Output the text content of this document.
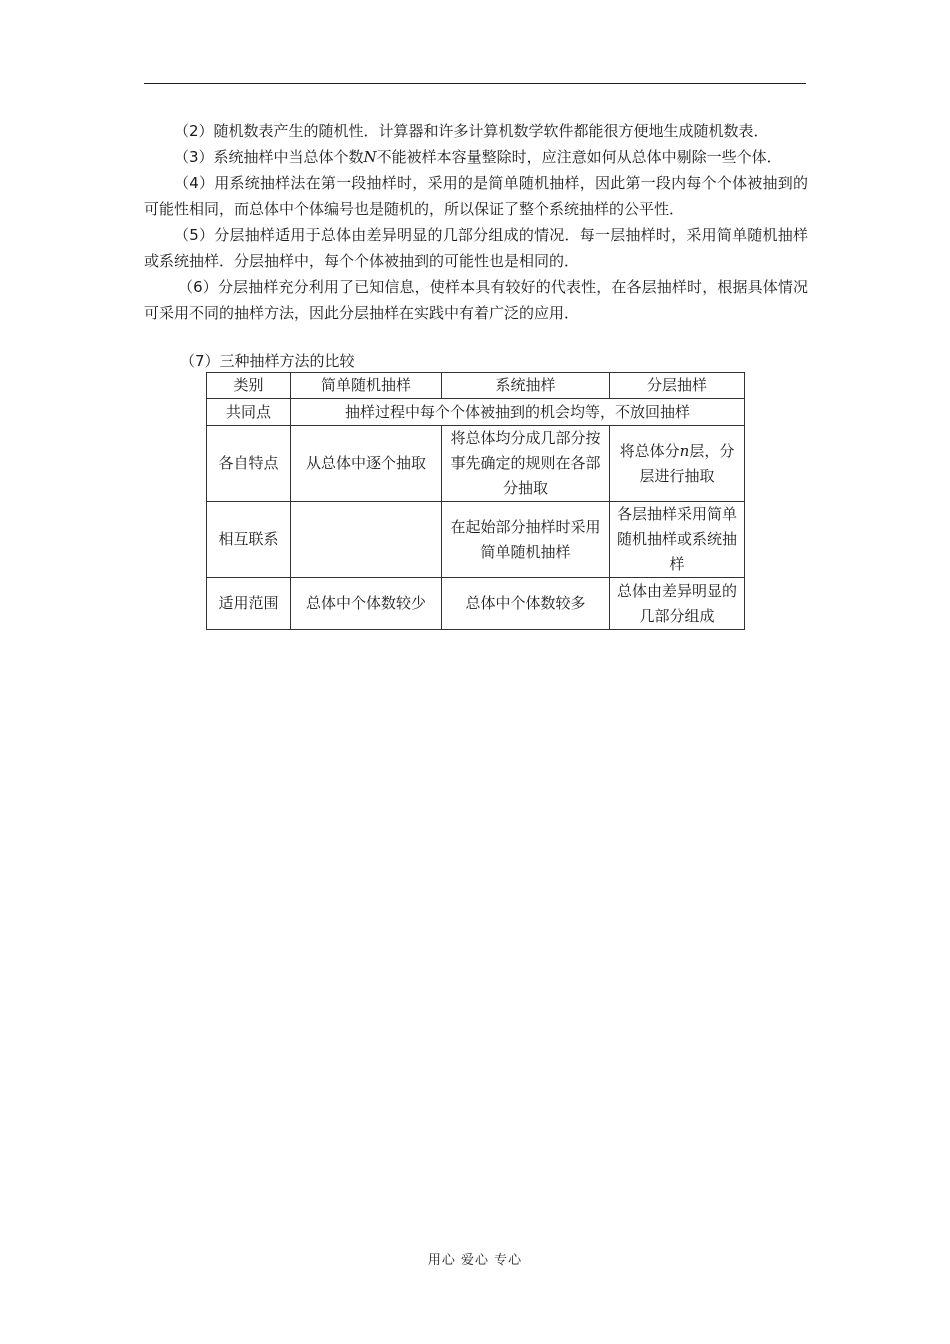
（2）随机数表产生的随机性．计算器和许多计算机数学软件都能很方便地生成随机数表．

（3）系统抽样中当总体个数N不能被样本容量整除时，应注意如何从总体中剔除一些个体．

（4）用系统抽样法在第一段抽样时，采用的是简单随机抽样，因此第一段内每个个体被抽到的可能性相同，而总体中个体编号也是随机的，所以保证了整个系统抽样的公平性．

（5）分层抽样适用于总体由差异明显的几部分组成的情况．每一层抽样时，采用简单随机抽样或系统抽样．分层抽样中，每个个体被抽到的可能性也是相同的．

（6）分层抽样充分利用了已知信息，使样本具有较好的代表性，在各层抽样时，根据具体情况可采用不同的抽样方法，因此分层抽样在实践中有着广泛的应用．

（7）三种抽样方法的比较
类别	简单随机抽样	系统抽样	分层抽样
共同点	抽样过程中每个个体被抽到的机会均等，不放回抽样		
各自特点	从总体中逐个抽取	将总体均分成几部分按事先确定的规则在各部分抽取	将总体分n层，分层进行抽取
相互联系		在起始部分抽样时采用简单随机抽样	各层抽样采用简单随机抽样或系统抽样
适用范围	总体中个体数较少	总体中个体数较多	总体由差异明显的几部分组成
用心 爱心 专心
